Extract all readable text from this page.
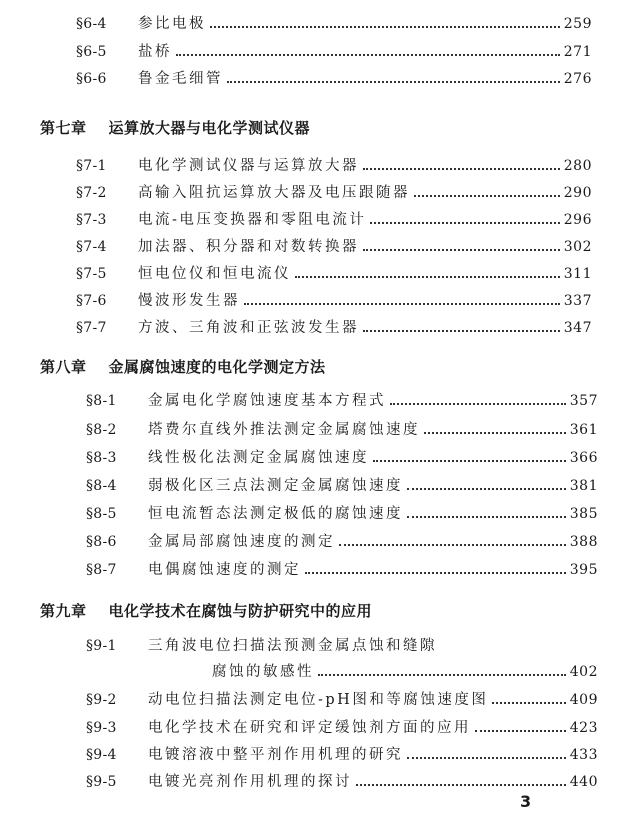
§6-4	参比电极	259
§6-5	盐桥	271
§6-6	鲁金毛细管	276
第七章 运算放大器与电化学测试仪器
§7-1	电化学测试仪器与运算放大器	280
§7-2	高输入阻抗运算放大器及电压跟随器	290
§7-3	电流-电压变换器和零阻电流计	296
§7-4	加法器、积分器和对数转换器	302
§7-5	恒电位仪和恒电流仪	311
§7-6	慢波形发生器	337
§7-7	方波、三角波和正弦波发生器	347
第八章 金属腐蚀速度的电化学测定方法
§8-1	金属电化学腐蚀速度基本方程式	357
§8-2	塔费尔直线外推法测定金属腐蚀速度	361
§8-3	线性极化法测定金属腐蚀速度	366
§8-4	弱极化区三点法测定金属腐蚀速度	381
§8-5	恒电流暂态法测定极低的腐蚀速度	385
§8-6	金属局部腐蚀速度的测定	388
§8-7	电偶腐蚀速度的测定	395
第九章 电化学技术在腐蚀与防护研究中的应用
§9-1	三角波电位扫描法预测金属点蚀和缝隙
腐蚀的敏感性	402
§9-2	动电位扫描法测定电位-pH图和等腐蚀速度图	409
§9-3	电化学技术在研究和评定缓蚀剂方面的应用	423
§9-4	电镀溶液中整平剂作用机理的研究	433
§9-5	电镀光亮剂作用机理的探讨	440
3
